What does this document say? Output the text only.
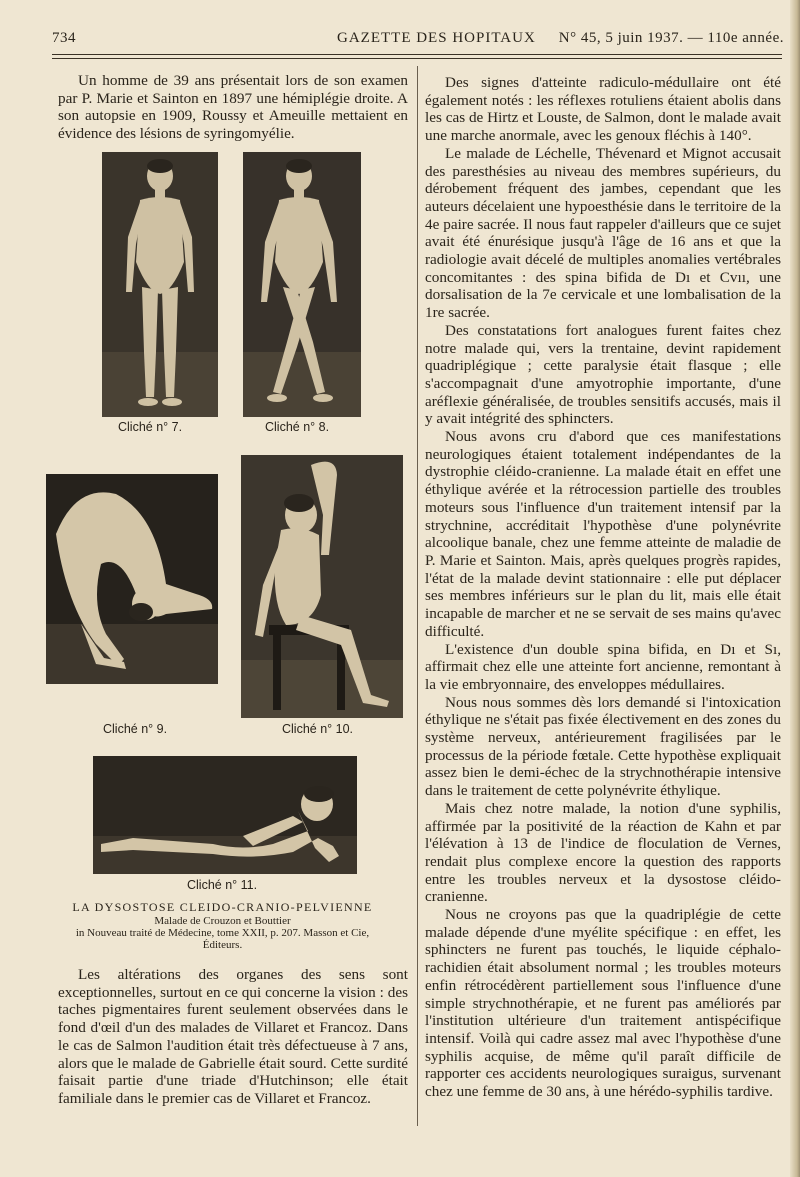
734	GAZETTE DES HOPITAUX N° 45, 5 juin 1937. — 110e année.

Un homme de 39 ans présentait lors de son examen par P. Marie et Sainton en 1897 une hémiplégie droite. A son autopsie en 1909, Roussy et Ameuille mettaient en évidence des lésions de syringomyélie.

Cliché n° 7.	Cliché n° 8.
Cliché n° 9.	Cliché n° 10.
Cliché n° 11.
LA DYSOSTOSE CLEIDO-CRANIO-PELVIENNE
Malade de Crouzon et Bouttier
in Nouveau traité de Médecine, tome XXII, p. 207. Masson et Cie,
Éditeurs.

Les altérations des organes des sens sont exceptionnelles, surtout en ce qui concerne la vision : des taches pigmentaires furent seulement observées dans le fond d'œil d'un des malades de Villaret et Francoz. Dans le cas de Salmon l'audition était très défectueuse à 7 ans, alors que le malade de Gabrielle était sourd. Cette surdité faisait partie d'une triade d'Hutchinson; elle était familiale dans le premier cas de Villaret et Francoz.

Des signes d'atteinte radiculo-médullaire ont été également notés : les réflexes rotuliens étaient abolis dans les cas de Hirtz et Louste, de Salmon, dont le malade avait une marche anormale, avec les genoux fléchis à 140°.

Le malade de Léchelle, Thévenard et Mignot accusait des paresthésies au niveau des membres supérieurs, du dérobement fréquent des jambes, cependant que les auteurs décelaient une hypoesthésie dans le territoire de la 4e paire sacrée. Il nous faut rappeler d'ailleurs que ce sujet avait été énurésique jusqu'à l'âge de 16 ans et que la radiologie avait décelé de multiples anomalies vertébrales concomitantes : des spina bifida de Dı et Cvıı, une dorsalisation de la 7e cervicale et une lombalisation de la 1re sacrée.

Des constatations fort analogues furent faites chez notre malade qui, vers la trentaine, devint rapidement quadriplégique ; cette paralysie était flasque ; elle s'accompagnait d'une amyotrophie importante, d'une aréflexie généralisée, de troubles sensitifs accusés, mais il y avait intégrité des sphincters.

Nous avons cru d'abord que ces manifestations neurologiques étaient totalement indépendantes de la dystrophie cléido-cranienne. La malade était en effet une éthylique avérée et la rétrocession partielle des troubles moteurs sous l'influence d'un traitement intensif par la strychnine, accréditait l'hypothèse d'une polynévrite alcoolique banale, chez une femme atteinte de maladie de P. Marie et Sainton. Mais, après quelques progrès rapides, l'état de la malade devint stationnaire : elle put déplacer ses membres inférieurs sur le plan du lit, mais elle était incapable de marcher et ne se servait de ses mains qu'avec difficulté.

L'existence d'un double spina bifida, en Dı et Sı, affirmait chez elle une atteinte fort ancienne, remontant à la vie embryonnaire, des enveloppes médullaires.

Nous nous sommes dès lors demandé si l'intoxication éthylique ne s'était pas fixée électivement en des zones du système nerveux, antérieurement fragilisées par le processus de la période fœtale. Cette hypothèse expliquait assez bien le demi-échec de la strychnothérapie intensive dans le traitement de cette polynévrite éthylique.

Mais chez notre malade, la notion d'une syphilis, affirmée par la positivité de la réaction de Kahn et par l'élévation à 13 de l'indice de floculation de Vernes, rendait plus complexe encore la question des rapports entre les troubles nerveux et la dysostose cléido-cranienne.

Nous ne croyons pas que la quadriplégie de cette malade dépende d'une myélite spécifique : en effet, les sphincters ne furent pas touchés, le liquide céphalo-rachidien était absolument normal ; les troubles moteurs enfin rétrocédèrent partiellement sous l'influence d'une simple strychnothérapie, et ne furent pas améliorés par l'institution ultérieure d'un traitement antispécifique intensif. Voilà qui cadre assez mal avec l'hypothèse d'une syphilis acquise, de même qu'il paraît difficile de rapporter ces accidents neurologiques suraigus, survenant chez une femme de 30 ans, à une hérédo-syphilis tardive.
